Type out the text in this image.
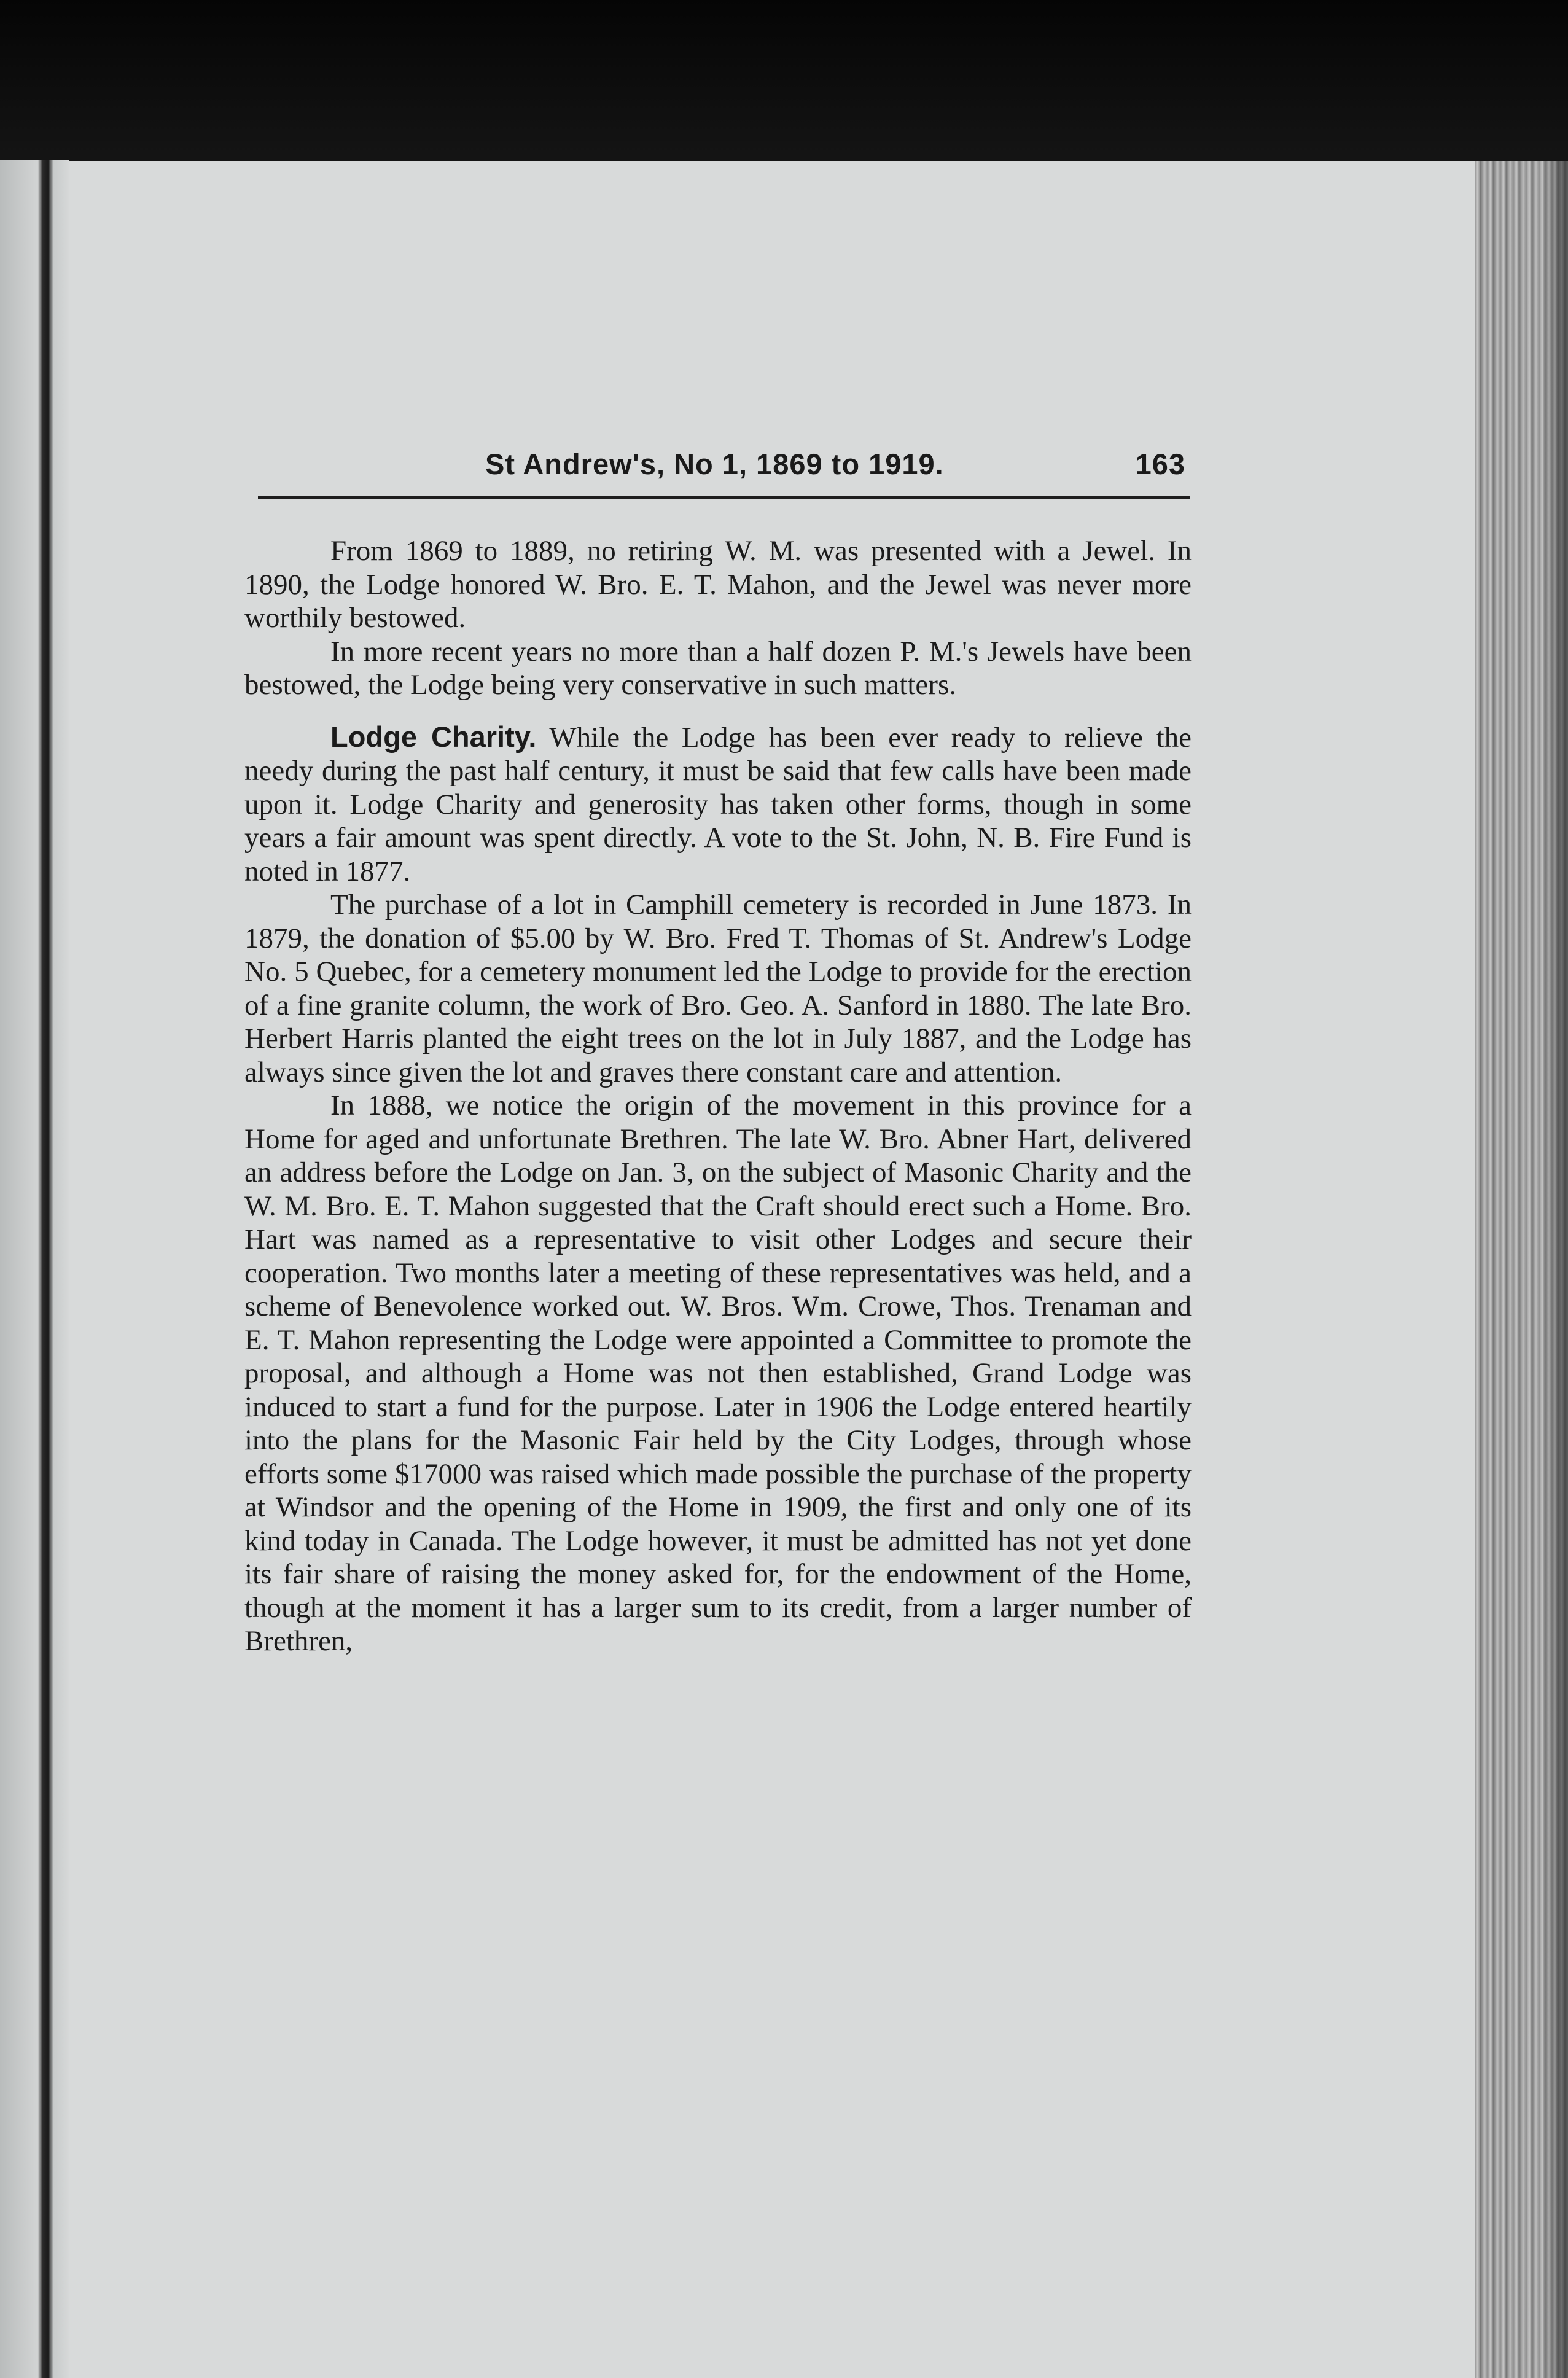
St Andrew's, No 1, 1869 to 1919.	163

From 1869 to 1889, no retiring W. M. was presented with a Jewel. In 1890, the Lodge honored W. Bro. E. T. Mahon, and the Jewel was never more worthily bestowed.

In more recent years no more than a half dozen P. M.'s Jewels have been bestowed, the Lodge being very conservative in such matters.

Lodge Charity. While the Lodge has been ever ready to relieve the needy during the past half century, it must be said that few calls have been made upon it. Lodge Charity and generosity has taken other forms, though in some years a fair amount was spent directly. A vote to the St. John, N. B. Fire Fund is noted in 1877.

The purchase of a lot in Camphill cemetery is recorded in June 1873. In 1879, the donation of $5.00 by W. Bro. Fred T. Thomas of St. Andrew's Lodge No. 5 Quebec, for a cemetery monument led the Lodge to provide for the erection of a fine granite column, the work of Bro. Geo. A. Sanford in 1880. The late Bro. Herbert Harris planted the eight trees on the lot in July 1887, and the Lodge has always since given the lot and graves there constant care and attention.

In 1888, we notice the origin of the movement in this province for a Home for aged and unfortunate Brethren. The late W. Bro. Abner Hart, delivered an address before the Lodge on Jan. 3, on the subject of Masonic Charity and the W. M. Bro. E. T. Mahon suggested that the Craft should erect such a Home. Bro. Hart was named as a representative to visit other Lodges and secure their cooperation. Two months later a meeting of these representatives was held, and a scheme of Benevolence worked out. W. Bros. Wm. Crowe, Thos. Trenaman and E. T. Mahon representing the Lodge were appointed a Committee to promote the proposal, and although a Home was not then established, Grand Lodge was induced to start a fund for the purpose. Later in 1906 the Lodge entered heartily into the plans for the Masonic Fair held by the City Lodges, through whose efforts some $17000 was raised which made possible the purchase of the property at Windsor and the opening of the Home in 1909, the first and only one of its kind today in Canada. The Lodge however, it must be admitted has not yet done its fair share of raising the money asked for, for the endowment of the Home, though at the moment it has a larger sum to its credit, from a larger number of Brethren,
